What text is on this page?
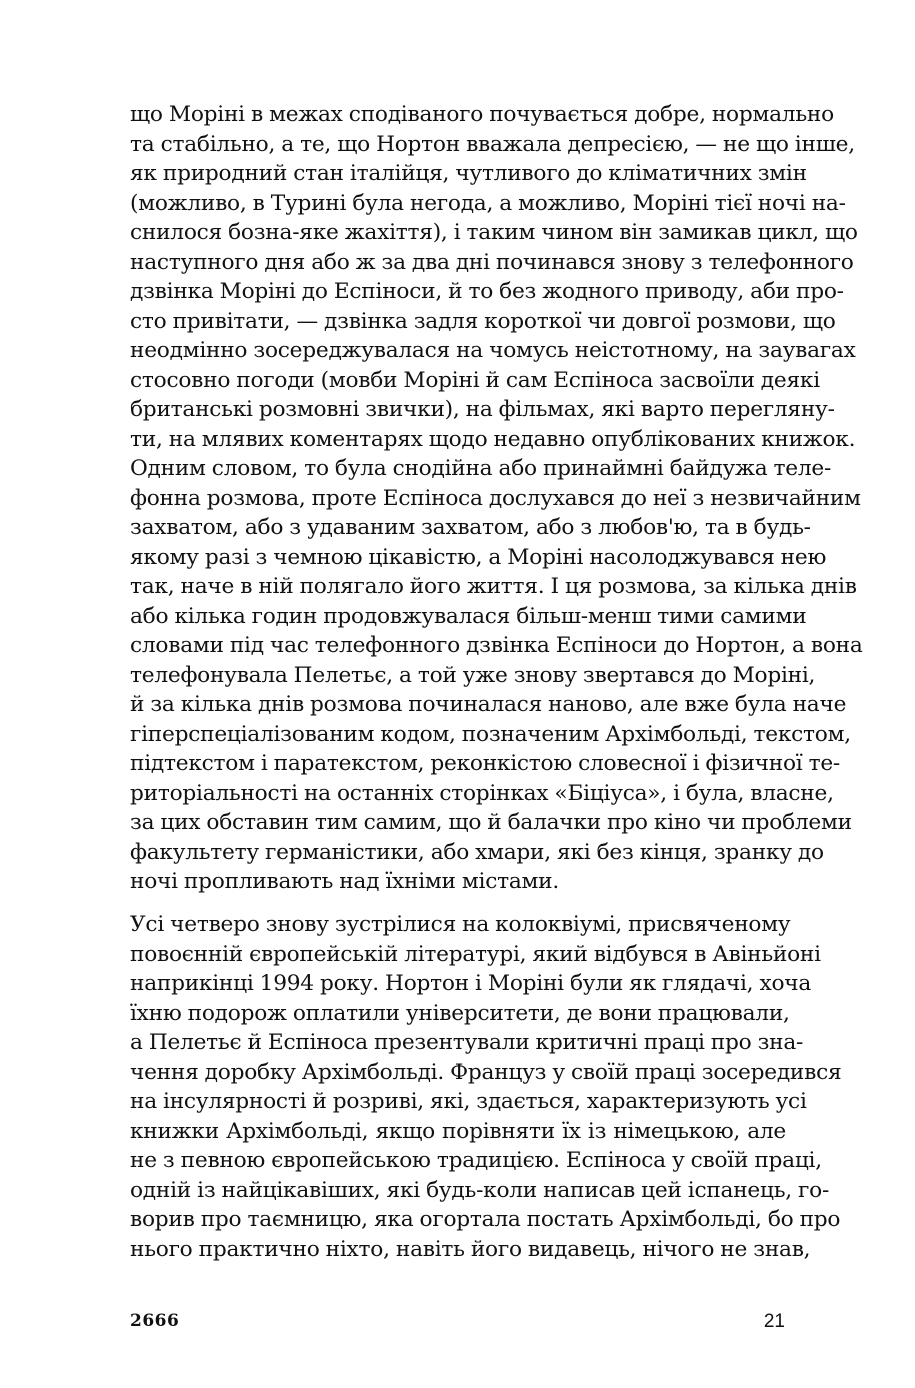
що Моріні в межах сподіваного почувається добре, нормально
та стабільно, а те, що Нортон вважала депресією, — не що інше,
як природний стан італійця, чутливого до кліматичних змін
(можливо, в Турині була негода, а можливо, Моріні тієї ночі на-
снилося бозна-яке жахіття), і таким чином він замикав цикл, що
наступного дня або ж за два дні починався знову з телефонного
дзвінка Моріні до Еспіноси, й то без жодного приводу, аби про-
сто привітати, — дзвінка задля короткої чи довгої розмови, що
неодмінно зосереджувалася на чомусь неістотному, на заувагах
стосовно погоди (мовби Моріні й сам Еспіноса засвоїли деякі
британські розмовні звички), на фільмах, які варто перегляну-
ти, на млявих коментарях щодо недавно опублікованих книжок.
Одним словом, то була снодійна або принаймні байдужа теле-
фонна розмова, проте Еспіноса дослухався до неї з незвичайним
захватом, або з удаваним захватом, або з любов'ю, та в будь-
якому разі з чемною цікавістю, а Моріні насолоджувався нею
так, наче в ній полягало його життя. І ця розмова, за кілька днів
або кілька годин продовжувалася більш-менш тими самими
словами під час телефонного дзвінка Еспіноси до Нортон, а вона
телефонувала Пелетьє, а той уже знову звертався до Моріні,
й за кілька днів розмова починалася наново, але вже була наче
гіперспеціалізованим кодом, позначеним Архімбольді, текстом,
підтекстом і паратекстом, реконкістою словесної і фізичної те-
риторіальності на останніх сторінках «Біціуса», і була, власне,
за цих обставин тим самим, що й балачки про кіно чи проблеми
факультету германістики, або хмари, які без кінця, зранку до
ночі пропливають над їхніми містами.
Усі четверо знову зустрілися на колоквіумі, присвяченому
повоєнній європейській літературі, який відбувся в Авіньйоні
наприкінці 1994 року. Нортон і Моріні були як глядачі, хоча
їхню подорож оплатили університети, де вони працювали,
а Пелетьє й Еспіноса презентували критичні праці про зна-
чення доробку Архімбольді. Француз у своїй праці зосередився
на інсулярності й розриві, які, здається, характеризують усі
книжки Архімбольді, якщо порівняти їх із німецькою, але
не з певною європейською традицією. Еспіноса у своїй праці,
одній із найцікавіших, які будь-коли написав цей іспанець, го-
ворив про таємницю, яка огортала постать Архімбольді, бо про
нього практично ніхто, навіть його видавець, нічого не знав,
2666	21
